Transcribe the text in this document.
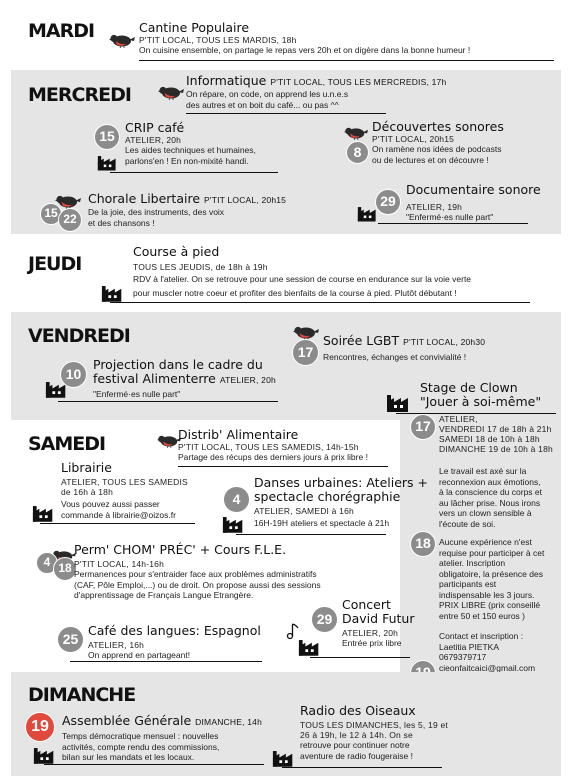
MARDI	Cantine Populaire
P'TIT LOCAL, TOUS LES MARDIS, 18h
On cuisine ensemble, on partage le repas vers 20h et on digère dans la bonne humeur !
MERCREDI
Informatique P'TIT LOCAL, TOUS LES MERCREDIS, 17h
On répare, on code, on apprend les u.n.e.s
des autres et on boit du café... ou pas ^^
15
CRIP café
ATELIER, 20h
Les aides techniques et humaines,
parlons'en ! En non-mixité handi.
8
Découvertes sonores
P'TIT LOCAL, 20h15
On ramène nos idées de podcasts
ou de lectures et on découvre !
15 22
Chorale Libertaire P'TIT LOCAL, 20h15
De la joie, des instruments, des voix
et des chansons !
29
Documentaire sonore
ATELIER, 19h
"Enfermé·es nulle part"
JEUDI
Course à pied
TOUS LES JEUDIS, de 18h à 19h
RDV à l'atelier. On se retrouve pour une session de course en endurance sur la voie verte
pour muscler notre coeur et profiter des bienfaits de la course à pied. Plutôt débutant !
VENDREDI
17
Soirée LGBT P'TIT LOCAL, 20h30
Rencontres, échanges et convivialité !
10
Projection dans le cadre du
festival Alimenterre ATELIER, 20h
"Enfermé·es nulle part"	Stage de Clown
"Jouer à soi-même"
17 ATELIER,
VENDREDI 17 de 18h à 21h
SAMEDI 18 de 10h à 18h
DIMANCHE 19 de 10h à 18h
Le travail est axé sur la reconnexion aux émotions, à la conscience du corps et au lâcher prise. Nous irons vers un clown sensible à l'écoute de soi.
Aucune expérience n'est requise pour participer à cet atelier. Inscription obligatoire, la présence des participants est indispensable les 3 jours.
PRIX LIBRE (prix conseillé entre 50 et 150 euros )
Contact et inscription :
Laetitia PIETKA
0679379717
cieonfaitcaici@gmail.com
18
SAMEDI	Distrib' Alimentaire
P'TIT LOCAL, TOUS LES SAMEDIS, 14h-15h
Partage des récups des derniers jours à prix libre !
Librairie
ATELIER, TOUS LES SAMEDIS
de 16h à 18h
Vous pouvez aussi passer
commande à librairie@oizos.fr
4
Danses urbaines: Ateliers +
spectacle chorégraphie
ATELIER, SAMEDI à 16h
16H-19H ateliers et spectacle à 21h
4 18
Perm' CHOM' PRÉC' + Cours F.L.E.
P'TIT LOCAL, 14h-16h
Permanences pour s'entraider face aux problèmes administratifs
(CAF, Pôle Emploi,...) ou de droit. On propose aussi des sessions
d'apprentissage de Français Langue Etrangère.
25
Café des langues: Espagnol
ATELIER, 16h
On apprend en partageant!
29
Concert
David Futur
ATELIER, 20h
Entrée prix libre
DIMANCHE
19	Assemblée Générale DIMANCHE, 14h
Temps démocratique mensuel : nouvelles
activités, compte rendu des commissions,
bilan sur les mandats et les locaux.
Radio des Oiseaux
TOUS LES DIMANCHES, les 5, 19 et
26 à 19h, le 12 à 14h. On se
retrouve pour continuer notre
aventure de radio fougeraise !
